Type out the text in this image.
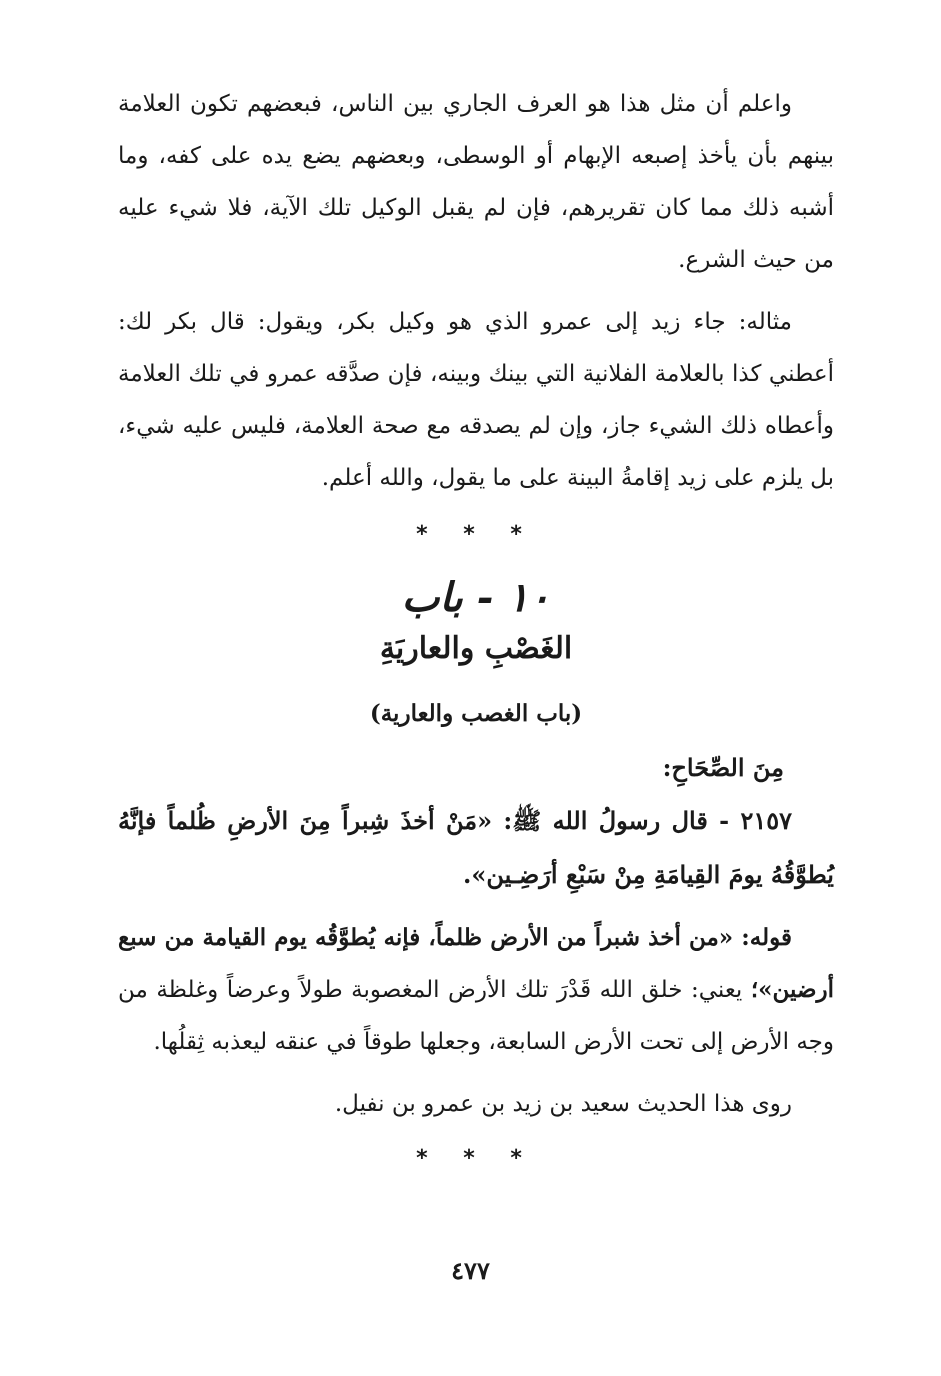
واعلم أن مثل هذا هو العرف الجاري بين الناس، فبعضهم تكون العلامة بينهم بأن يأخذ إصبعه الإبهام أو الوسطى، وبعضهم يضع يده على كفه، وما أشبه ذلك مما كان تقريرهم، فإن لم يقبل الوكيل تلك الآية، فلا شيء عليه من حيث الشرع.

مثاله: جاء زيد إلى عمرو الذي هو وكيل بكر، ويقول: قال بكر لك: أعطني كذا بالعلامة الفلانية التي بينك وبينه، فإن صدَّقه عمرو في تلك العلامة وأعطاه ذلك الشيء جاز، وإن لم يصدقه مع صحة العلامة، فليس عليه شيء، بل يلزم على زيد إقامةُ البينة على ما يقول، والله أعلم.

* * *
١٠ - باب
الغَصْبِ والعاريَةِ
(باب الغصب والعارية)
مِنَ الصِّحَاحِ:

٢١٥٧ - قال رسولُ الله ﷺ: «مَنْ أخذَ شِبراً مِنَ الأرضِ ظُلماً فإنَّهُ يُطوَّقُهُ يومَ القِيامَةِ مِنْ سَبْعِ أرَضِـين».

قوله: «من أخذ شبراً من الأرض ظلماً، فإنه يُطوَّقُه يوم القيامة من سبع أرضين»؛ يعني: خلق الله قَدْرَ تلك الأرض المغصوبة طولاً وعرضاً وغلظة من وجه الأرض إلى تحت الأرض السابعة، وجعلها طوقاً في عنقه ليعذبه ثِقلُها.

روى هذا الحديث سعيد بن زيد بن عمرو بن نفيل.

* * *
٤٧٧
